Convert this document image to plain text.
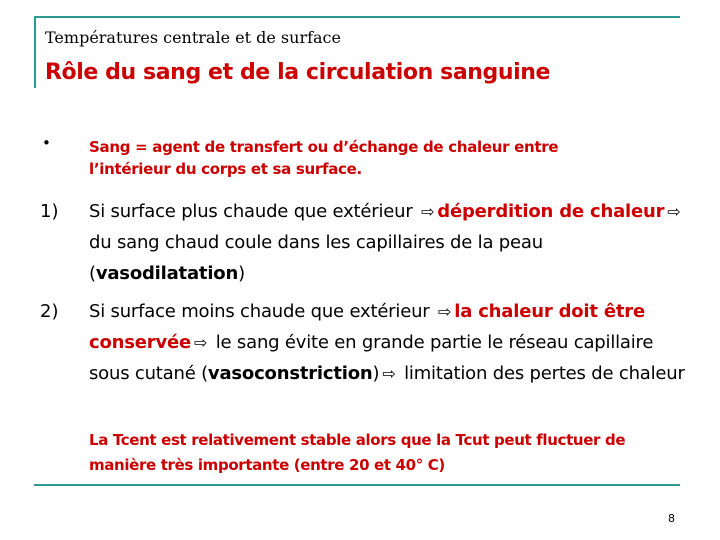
Températures centrale et de surface
Rôle du sang et de la circulation sanguine
•	Sang = agent de transfert ou d’échange de chaleur entre
l’intérieur du corps et sa surface.
1) Si surface plus chaude que extérieur ⇨ déperdition de chaleur ⇨ du sang chaud coule dans les capillaires de la peau (vasodilatation)
2) Si surface moins chaude que extérieur ⇨ la chaleur doit être conservée ⇨ le sang évite en grande partie le réseau capillaire sous cutané (vasoconstriction) ⇨ limitation des pertes de chaleur
La Tcent est relativement stable alors que la Tcut peut fluctuer de manière très importante (entre 20 et 40° C)
8
